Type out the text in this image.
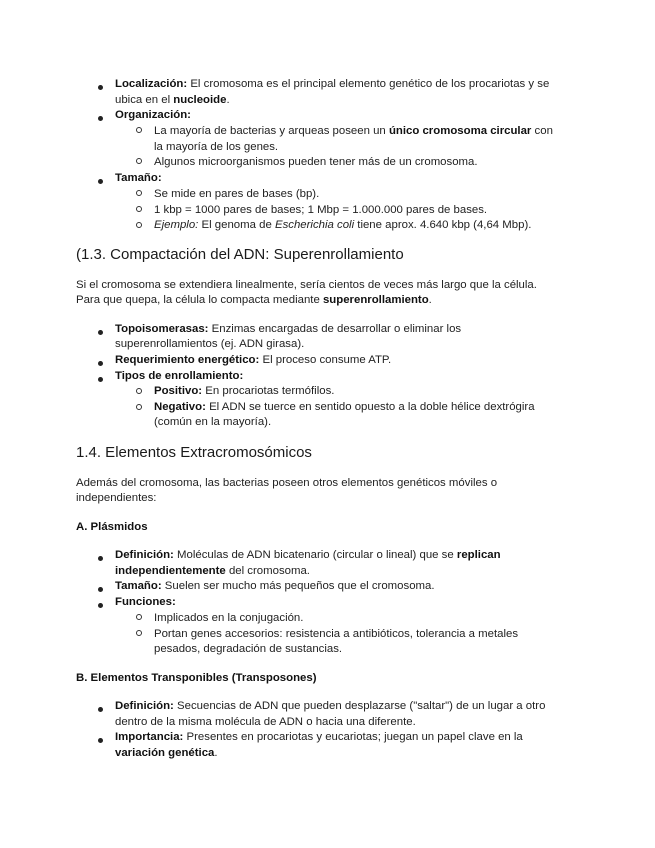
Localización: El cromosoma es el principal elemento genético de los procariotas y se
ubica en el nucleoide.
Organización:
La mayoría de bacterias y arqueas poseen un único cromosoma circular con
la mayoría de los genes.
Algunos microorganismos pueden tener más de un cromosoma.
Tamaño:
Se mide en pares de bases (bp).
1 kbp = 1000 pares de bases; 1 Mbp = 1.000.000 pares de bases.
Ejemplo: El genoma de Escherichia coli tiene aprox. 4.640 kbp (4,64 Mbp).
(1.3. Compactación del ADN: Superenrollamiento
Si el cromosoma se extendiera linealmente, sería cientos de veces más largo que la célula.
Para que quepa, la célula lo compacta mediante superenrollamiento.
Topoisomerasas: Enzimas encargadas de desarrollar o eliminar los
superenrollamientos (ej. ADN girasa).
Requerimiento energético: El proceso consume ATP.
Tipos de enrollamiento:
Positivo: En procariotas termófilos.
Negativo: El ADN se tuerce en sentido opuesto a la doble hélice dextrógira
(común en la mayoría).
1.4. Elementos Extracromosómicos
Además del cromosoma, las bacterias poseen otros elementos genéticos móviles o
independientes:
A. Plásmidos
Definición: Moléculas de ADN bicatenario (circular o lineal) que se replican
independientemente del cromosoma.
Tamaño: Suelen ser mucho más pequeños que el cromosoma.
Funciones:
Implicados en la conjugación.
Portan genes accesorios: resistencia a antibióticos, tolerancia a metales
pesados, degradación de sustancias.
B. Elementos Transponibles (Transposones)
Definición: Secuencias de ADN que pueden desplazarse ("saltar") de un lugar a otro
dentro de la misma molécula de ADN o hacia una diferente.
Importancia: Presentes en procariotas y eucariotas; juegan un papel clave en la
variación genética.
